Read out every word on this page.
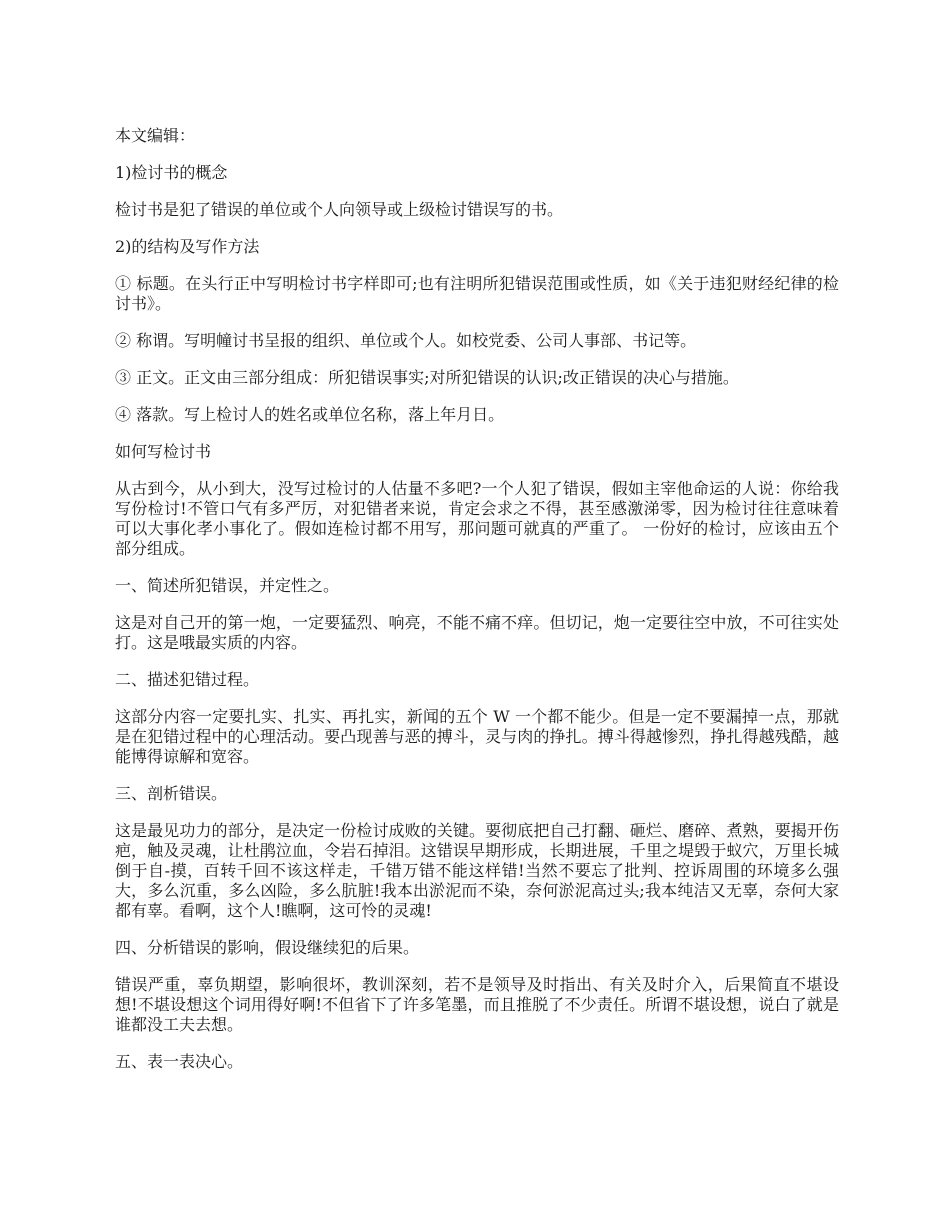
本文编辑：

1)检讨书的概念

检讨书是犯了错误的单位或个人向领导或上级检讨错误写的书。

2)的结构及写作方法

① 标题。在头行正中写明检讨书字样即可;也有注明所犯错误范围或性质，如《关于违犯财经纪律的检讨书》。

② 称谓。写明幢讨书呈报的组织、单位或个人。如校党委、公司人事部、书记等。

③ 正文。正文由三部分组成：所犯错误事实;对所犯错误的认识;改正错误的决心与措施。

④ 落款。写上检讨人的姓名或单位名称，落上年月日。

如何写检讨书

从古到今，从小到大，没写过检讨的人估量不多吧?一个人犯了错误，假如主宰他命运的人说：你给我写份检讨!不管口气有多严厉，对犯错者来说，肯定会求之不得，甚至感激涕零，因为检讨往往意味着可以大事化孝小事化了。假如连检讨都不用写，那问题可就真的严重了。 一份好的检讨，应该由五个部分组成。

一、简述所犯错误，并定性之。

这是对自己开的第一炮，一定要猛烈、响亮，不能不痛不痒。但切记，炮一定要往空中放，不可往实处打。这是哦最实质的内容。

二、描述犯错过程。

这部分内容一定要扎实、扎实、再扎实，新闻的五个 W 一个都不能少。但是一定不要漏掉一点，那就是在犯错过程中的心理活动。要凸现善与恶的搏斗，灵与肉的挣扎。搏斗得越惨烈，挣扎得越残酷，越能博得谅解和宽容。

三、剖析错误。

这是最见功力的部分，是决定一份检讨成败的关键。要彻底把自己打翻、砸烂、磨碎、煮熟，要揭开伤疤，触及灵魂，让杜鹃泣血，令岩石掉泪。这错误早期形成，长期进展，千里之堤毁于蚁穴，万里长城倒于自-摸，百转千回不该这样走，千错万错不能这样错!当然不要忘了批判、控诉周围的环境多么强大，多么沉重，多么凶险，多么肮脏!我本出淤泥而不染，奈何淤泥高过头;我本纯洁又无辜，奈何大家都有辜。看啊，这个人!瞧啊，这可怜的灵魂!

四、分析错误的影响，假设继续犯的后果。

错误严重，辜负期望，影响很坏，教训深刻，若不是领导及时指出、有关及时介入，后果简直不堪设想!不堪设想这个词用得好啊!不但省下了许多笔墨，而且推脱了不少责任。所谓不堪设想，说白了就是谁都没工夫去想。

五、表一表决心。
